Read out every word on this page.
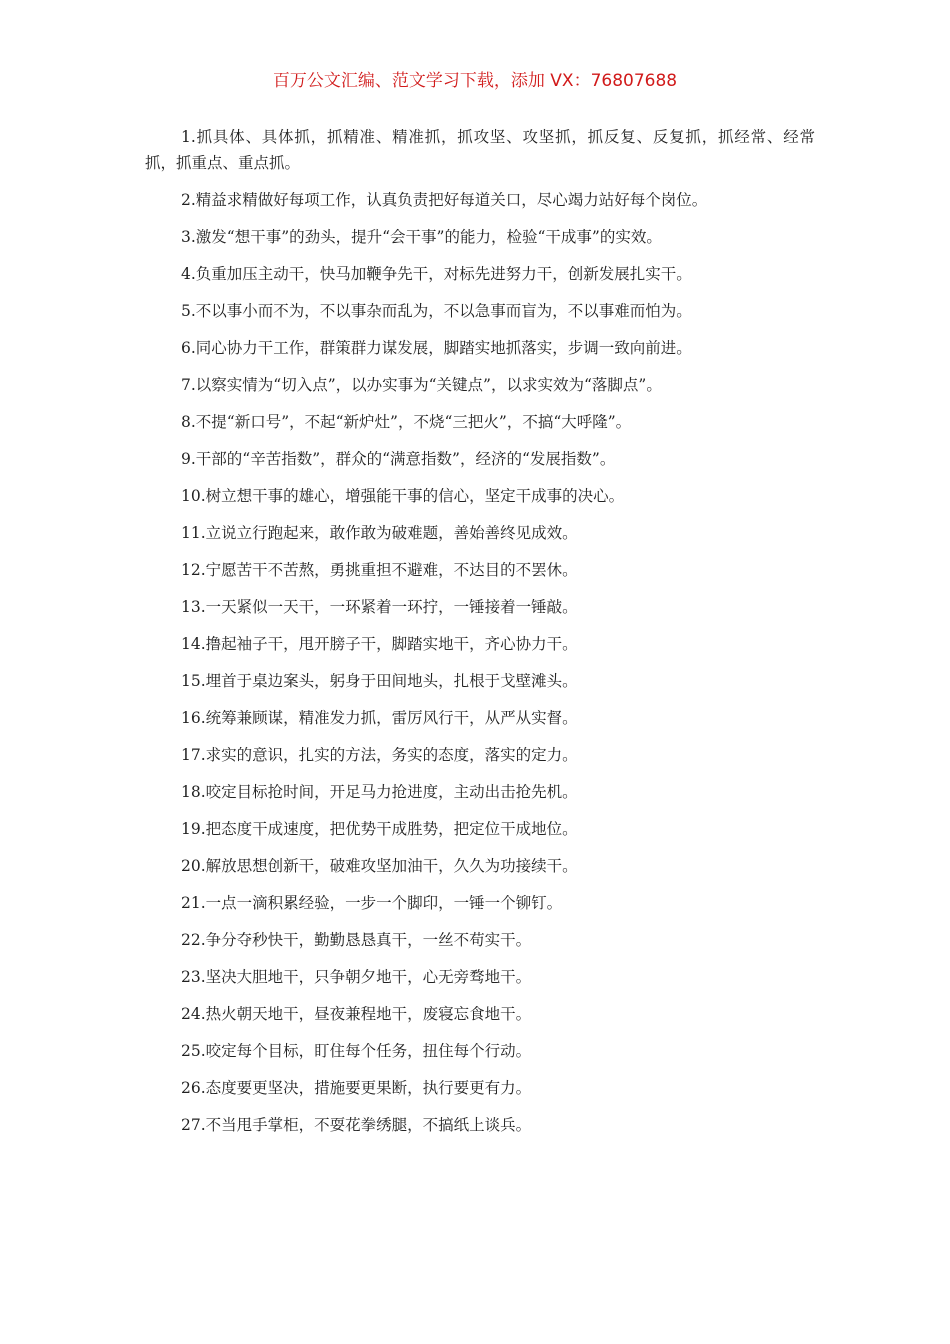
百万公文汇编、范文学习下载，添加 VX：76807688

1.抓具体、具体抓，抓精准、精准抓，抓攻坚、攻坚抓，抓反复、反复抓，抓经常、经常抓，抓重点、重点抓。

2.精益求精做好每项工作，认真负责把好每道关口，尽心竭力站好每个岗位。

3.激发“想干事”的劲头，提升“会干事”的能力，检验“干成事”的实效。

4.负重加压主动干，快马加鞭争先干，对标先进努力干，创新发展扎实干。

5.不以事小而不为，不以事杂而乱为，不以急事而盲为，不以事难而怕为。

6.同心协力干工作，群策群力谋发展，脚踏实地抓落实，步调一致向前进。

7.以察实情为“切入点”，以办实事为“关键点”，以求实效为“落脚点”。

8.不提“新口号”，不起“新炉灶”，不烧“三把火”，不搞“大呼隆”。

9.干部的“辛苦指数”，群众的“满意指数”，经济的“发展指数”。

10.树立想干事的雄心，增强能干事的信心，坚定干成事的决心。

11.立说立行跑起来，敢作敢为破难题，善始善终见成效。

12.宁愿苦干不苦熬，勇挑重担不避难，不达目的不罢休。

13.一天紧似一天干，一环紧着一环拧，一锤接着一锤敲。

14.撸起袖子干，甩开膀子干，脚踏实地干，齐心协力干。

15.埋首于桌边案头，躬身于田间地头，扎根于戈壁滩头。

16.统筹兼顾谋，精准发力抓，雷厉风行干，从严从实督。

17.求实的意识，扎实的方法，务实的态度，落实的定力。

18.咬定目标抢时间，开足马力抢进度，主动出击抢先机。

19.把态度干成速度，把优势干成胜势，把定位干成地位。

20.解放思想创新干，破难攻坚加油干，久久为功接续干。

21.一点一滴积累经验，一步一个脚印，一锤一个铆钉。

22.争分夺秒快干，勤勤恳恳真干，一丝不苟实干。

23.坚决大胆地干，只争朝夕地干，心无旁骛地干。

24.热火朝天地干，昼夜兼程地干，废寝忘食地干。

25.咬定每个目标，盯住每个任务，扭住每个行动。

26.态度要更坚决，措施要更果断，执行要更有力。

27.不当甩手掌柜，不耍花拳绣腿，不搞纸上谈兵。
